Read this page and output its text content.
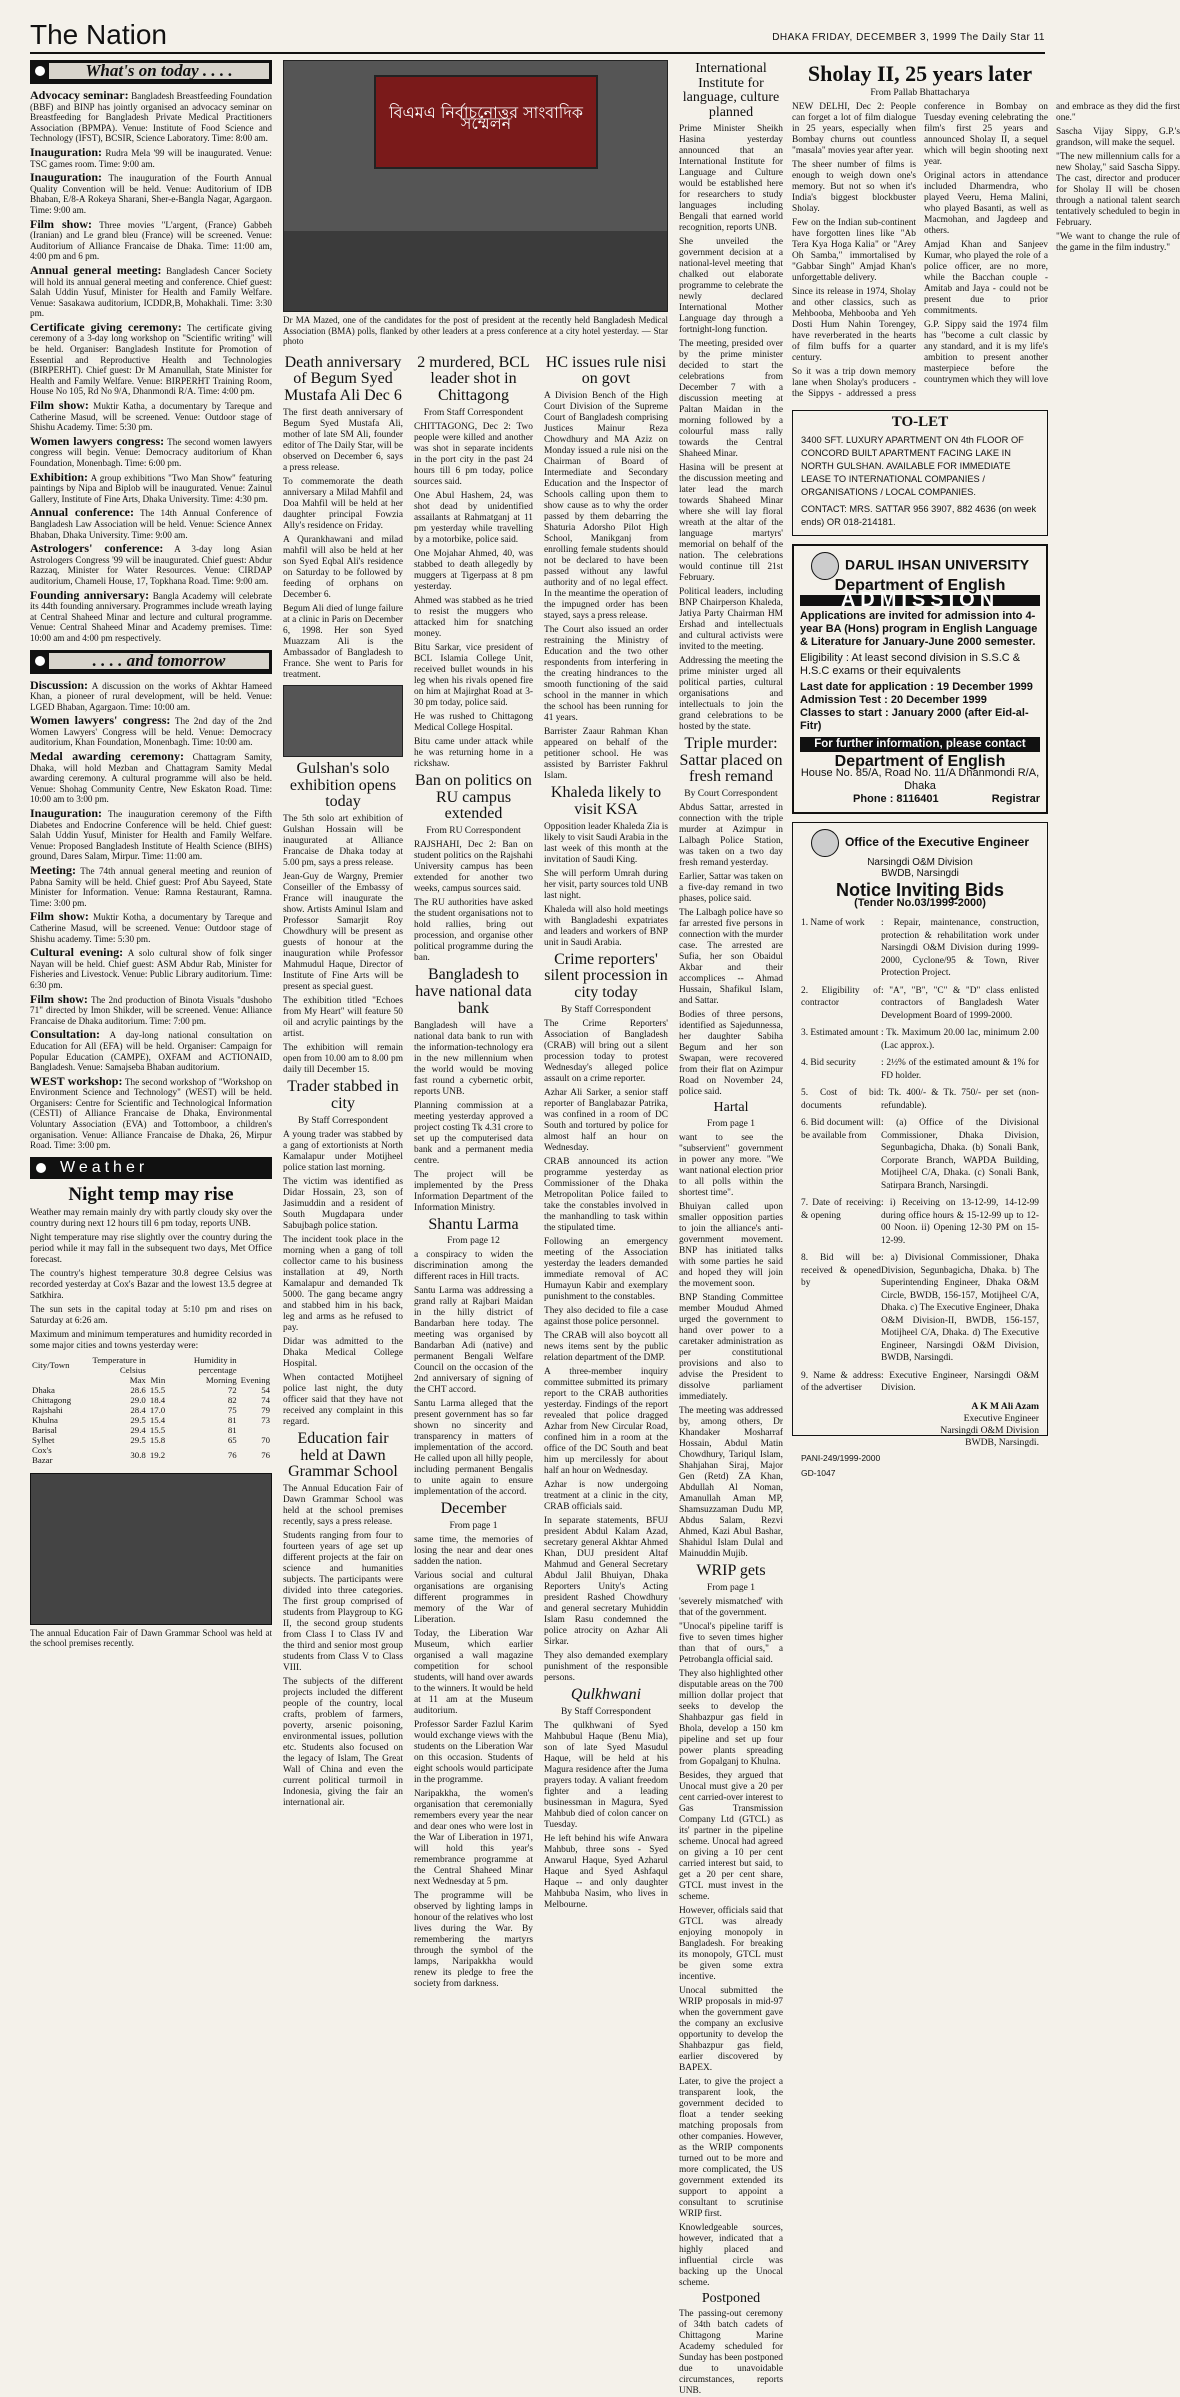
The Nation	DHAKA FRIDAY, DECEMBER 3, 1999 The Daily Star 11
What's on today . . . .

Advocacy seminar: Bangladesh Breastfeeding Foundation (BBF) and BINP has jointly organised an advocacy seminar on Breastfeeding for Bangladesh Private Medical Practitioners Association (BPMPA). Venue: Institute of Food Science and Technology (IFST), BCSIR, Science Laboratory. Time: 8:00 am.

Inauguration: Rudra Mela '99 will be inaugurated. Venue: TSC games room. Time: 9:00 am.

Inauguration: The inauguration of the Fourth Annual Quality Convention will be held. Venue: Auditorium of IDB Bhaban, E/8-A Rokeya Sharani, Sher-e-Bangla Nagar, Agargaon. Time: 9:00 am.

Film show: Three movies "L'argent, (France) Gabbeh (Iranian) and Le grand bleu (France) will be screened. Venue: Auditorium of Alliance Francaise de Dhaka. Time: 11:00 am, 4:00 pm and 6 pm.

Annual general meeting: Bangladesh Cancer Society will hold its annual general meeting and conference. Chief guest: Salah Uddin Yusuf, Minister for Health and Family Welfare. Venue: Sasakawa auditorium, ICDDR,B, Mohakhali. Time: 3:30 pm.

Certificate giving ceremony: The certificate giving ceremony of a 3-day long workshop on "Scientific writing" will be held. Organiser: Bangladesh Institute for Promotion of Essential and Reproductive Health and Technologies (BIRPERHT). Chief guest: Dr M Amanullah, State Minister for Health and Family Welfare. Venue: BIRPERHT Training Room, House No 105, Rd No 9/A, Dhanmondi R/A. Time: 4:00 pm.

Film show: Muktir Katha, a documentary by Tareque and Catherine Masud, will be screened. Venue: Outdoor stage of Shishu Academy. Time: 5:30 pm.

Women lawyers congress: The second women lawyers congress will begin. Venue: Democracy auditorium of Khan Foundation, Monenbagh. Time: 6:00 pm.

Exhibition: A group exhibitions "Two Man Show" featuring paintings by Nipa and Biplob will be inaugurated. Venue: Zainul Gallery, Institute of Fine Arts, Dhaka University. Time: 4:30 pm.

Annual conference: The 14th Annual Conference of Bangladesh Law Association will be held. Venue: Science Annex Bhaban, Dhaka University. Time: 9:00 am.

Astrologers' conference: A 3-day long Asian Astrologers Congress '99 will be inaugurated. Chief guest: Abdur Razzaq, Minister for Water Resources. Venue: CIRDAP auditorium, Chameli House, 17, Topkhana Road. Time: 9:00 am.

Founding anniversary: Bangla Academy will celebrate its 44th founding anniversary. Programmes include wreath laying at Central Shaheed Minar and lecture and cultural programme. Venue: Central Shaheed Minar and Academy premises. Time: 10:00 am and 4:00 pm respectively.

. . . . and tomorrow

Discussion: A discussion on the works of Akhtar Hameed Khan, a pioneer of rural development, will be held. Venue: LGED Bhaban, Agargaon. Time: 10:00 am.

Women lawyers' congress: The 2nd day of the 2nd Women Lawyers' Congress will be held. Venue: Democracy auditorium, Khan Foundation, Monenbagh. Time: 10:00 am.

Medal awarding ceremony: Chattagram Samity, Dhaka, will hold Mezban and Chattagram Samity Medal awarding ceremony. A cultural programme will also be held. Venue: Shohag Community Centre, New Eskaton Road. Time: 10:00 am to 3:00 pm.

Inauguration: The inauguration ceremony of the Fifth Diabetes and Endocrine Conference will be held. Chief guest: Salah Uddin Yusuf, Minister for Health and Family Welfare. Venue: Proposed Bangladesh Institute of Health Science (BIHS) ground, Dares Salam, Mirpur. Time: 11:00 am.

Meeting: The 74th annual general meeting and reunion of Pabna Samity will be held. Chief guest: Prof Abu Sayeed, State Minister for Information. Venue: Ramna Restaurant, Ramna. Time: 3:00 pm.

Film show: Muktir Kotha, a documentary by Tareque and Catherine Masud, will be screened. Venue: Outdoor stage of Shishu academy. Time: 5:30 pm.

Cultural evening: A solo cultural show of folk singer Nayan will be held. Chief guest: ASM Abdur Rab, Minister for Fisheries and Livestock. Venue: Public Library auditorium. Time: 6:30 pm.

Film show: The 2nd production of Binota Visuals "dushoho 71" directed by Imon Shikder, will be screened. Venue: Alliance Francaise de Dhaka auditorium. Time: 7:00 pm.

Consultation: A day-long national consultation on Education for All (EFA) will be held. Organiser: Campaign for Popular Education (CAMPE), OXFAM and ACTIONAID, Bangladesh. Venue: Samajseba Bhaban auditorium.

WEST workshop: The second workshop of "Workshop on Environment Science and Technology" (WEST) will be held. Organisers: Centre for Scientific and Technological Information (CESTI) of Alliance Francaise de Dhaka, Environmental Voluntary Association (EVA) and Tottomboor, a children's organisation. Venue: Alliance Francaise de Dhaka, 26, Mirpur Road. Time: 3:00 pm.

Weather
Night temp may rise

Weather may remain mainly dry with partly cloudy sky over the country during next 12 hours till 6 pm today, reports UNB.

Night temperature may rise slightly over the country during the period while it may fall in the subsequent two days, Met Office forecast.

The country's highest temperature 30.8 degree Celsius was recorded yesterday at Cox's Bazar and the lowest 13.5 degree at Satkhira.

The sun sets in the capital today at 5:10 pm and rises on Saturday at 6:26 am.

Maximum and minimum temperatures and humidity recorded in some major cities and towns yesterday were:

City/Town	Temperature in Celsius		Humidity in percentage	
	Max	Min	Morning	Evening
Dhaka	28.6	15.5	72	54
Chittagong	29.0	18.4	82	74
Rajshahi	28.4	17.0	75	79
Khulna	29.5	15.4	81	73
Barisal	29.4	15.5	81	
Sylhet	29.5	15.8	65	70
Cox's Bazar	30.8	19.2	76	76
The annual Education Fair of Dawn Grammar School was held at the school premises recently.
বিএমএ নির্বাচনোত্তর সাংবাদিক সম্মেলন
Dr MA Mazed, one of the candidates for the post of president at the recently held Bangladesh Medical Association (BMA) polls, flanked by other leaders at a press conference at a city hotel yesterday. — Star photo
Death anniversary of Begum Syed Mustafa Ali Dec 6

The first death anniversary of Begum Syed Mustafa Ali, mother of late SM Ali, founder editor of The Daily Star, will be observed on December 6, says a press release.

To commemorate the death anniversary a Milad Mahfil and Doa Mahfil will be held at her daughter principal Fowzia Ally's residence on Friday.

A Qurankhawani and milad mahfil will also be held at her son Syed Eqbal Ali's residence on Saturday to be followed by feeding of orphans on December 6.

Begum Ali died of lunge failure at a clinic in Paris on December 6, 1998. Her son Syed Muazzam Ali is the Ambassador of Bangladesh to France. She went to Paris for treatment.

Gulshan's solo exhibition opens today

The 5th solo art exhibition of Gulshan Hossain will be inaugurated at Alliance Francaise de Dhaka today at 5.00 pm, says a press release.

Jean-Guy de Wargny, Premier Conseiller of the Embassy of France will inaugurate the show. Artists Aminul Islam and Professor Samarjit Roy Chowdhury will be present as guests of honour at the inauguration while Professor Mahmudul Haque, Director of Institute of Fine Arts will be present as special guest.

The exhibition titled "Echoes from My Heart" will feature 50 oil and acrylic paintings by the artist.

The exhibition will remain open from 10.00 am to 8.00 pm daily till December 15.

Trader stabbed in city
By Staff Correspondent

A young trader was stabbed by a gang of extortionists at North Kamalapur under Motijheel police station last morning.

The victim was identified as Didar Hossain, 23, son of Jasimuddin and a resident of South Mugdapara under Sabujbagh police station.

The incident took place in the morning when a gang of toll collector came to his business installation at 49, North Kamalapur and demanded Tk 5000. The gang became angry and stabbed him in his back, leg and arms as he refused to pay.

Didar was admitted to the Dhaka Medical College Hospital.

When contacted Motijheel police last night, the duty officer said that they have not received any complaint in this regard.

Education fair held at Dawn Grammar School

The Annual Education Fair of Dawn Grammar School was held at the school premises recently, says a press release.

Students ranging from four to fourteen years of age set up different projects at the fair on science and humanities subjects. The participants were divided into three categories. The first group comprised of students from Playgroup to KG II, the second group students from Class I to Class IV and the third and senior most group students from Class V to Class VIII.

The subjects of the different projects included the different people of the country, local crafts, problem of farmers, poverty, arsenic poisoning, environmental issues, pollution etc. Students also focused on the legacy of Islam, The Great Wall of China and even the current political turmoil in Indonesia, giving the fair an international air.

2 murdered, BCL leader shot in Chittagong
From Staff Correspondent

CHITTAGONG, Dec 2: Two people were killed and another was shot in separate incidents in the port city in the past 24 hours till 6 pm today, police sources said.

One Abul Hashem, 24, was shot dead by unidentified assailants at Rahmatganj at 11 pm yesterday while travelling by a motorbike, police said.

One Mojahar Ahmed, 40, was stabbed to death allegedly by muggers at Tigerpass at 8 pm yesterday.

Ahmed was stabbed as he tried to resist the muggers who attacked him for snatching money.

Bitu Sarkar, vice president of BCL Islamia College Unit, received bullet wounds in his leg when his rivals opened fire on him at Majirghat Road at 3-30 pm today, police said.

He was rushed to Chittagong Medical College Hospital.

Bitu came under attack while he was returning home in a rickshaw.

Ban on politics on RU campus extended
From RU Correspondent

RAJSHAHI, Dec 2: Ban on student politics on the Rajshahi University campus has been extended for another two weeks, campus sources said.

The RU authorities have asked the student organisations not to hold rallies, bring out procession, and organise other political programme during the ban.

Bangladesh to have national data bank

Bangladesh will have a national data bank to run with the information-technology era in the new millennium when the world would be moving fast round a cybernetic orbit, reports UNB.

Planning commission at a meeting yesterday approved a project costing Tk 4.31 crore to set up the computerised data bank and a permanent media centre.

The project will be implemented by the Press Information Department of the Information Ministry.

Shantu Larma
From page 12

a conspiracy to widen the discrimination among the different races in Hill tracts.

Santu Larma was addressing a grand rally at Rajbari Maidan in the hilly district of Bandarban here today. The meeting was organised by Bandarban Adi (native) and permanent Bengali Welfare Council on the occasion of the 2nd anniversary of signing of the CHT accord.

Santu Larma alleged that the present government has so far shown no sincerity and transparency in matters of implementation of the accord. He called upon all hilly people, including permanent Bengalis to unite again to ensure implementation of the accord.

December
From page 1

same time, the memories of losing the near and dear ones sadden the nation.

Various social and cultural organisations are organising different programmes in memory of the War of Liberation.

Today, the Liberation War Museum, which earlier organised a wall magazine competition for school students, will hand over awards to the winners. It would be held at 11 am at the Museum auditorium.

Professor Sarder Fazlul Karim would exchange views with the students on the Liberation War on this occasion. Students of eight schools would participate in the programme.

Naripakkha, the women's organisation that ceremonially remembers every year the near and dear ones who were lost in the War of Liberation in 1971, will hold this year's remembrance programme at the Central Shaheed Minar next Wednesday at 5 pm.

The programme will be observed by lighting lamps in honour of the relatives who lost lives during the War. By remembering the martyrs through the symbol of the lamps, Naripakkha would renew its pledge to free the society from darkness.

HC issues rule nisi on govt

A Division Bench of the High Court Division of the Supreme Court of Bangladesh comprising Justices Mainur Reza Chowdhury and MA Aziz on Monday issued a rule nisi on the Chairman of Board of Intermediate and Secondary Education and the Inspector of Schools calling upon them to show cause as to why the order passed by them debarring the Shaturia Adorsho Pilot High School, Manikganj from enrolling female students should not be declared to have been passed without any lawful authority and of no legal effect. In the meantime the operation of the impugned order has been stayed, says a press release.

The Court also issued an order restraining the Ministry of Education and the two other respondents from interfering in the creating hindrances to the smooth functioning of the said school in the manner in which the school has been running for 41 years.

Barrister Zaaur Rahman Khan appeared on behalf of the petitioner school. He was assisted by Barrister Fakhrul Islam.

Khaleda likely to visit KSA

Opposition leader Khaleda Zia is likely to visit Saudi Arabia in the last week of this month at the invitation of Saudi King.

She will perform Umrah during her visit, party sources told UNB last night.

Khaleda will also hold meetings with Bangladeshi expatriates and leaders and workers of BNP unit in Saudi Arabia.

Crime reporters' silent procession in city today
By Staff Correspondent

The Crime Reporters' Association of Bangladesh (CRAB) will bring out a silent procession today to protest Wednesday's alleged police assault on a crime reporter.

Azhar Ali Sarker, a senior staff reporter of Banglabazar Patrika, was confined in a room of DC South and tortured by police for almost half an hour on Wednesday.

CRAB announced its action programme yesterday as Commissioner of the Dhaka Metropolitan Police failed to take the constables involved in the manhandling to task within the stipulated time.

Following an emergency meeting of the Association yesterday the leaders demanded immediate removal of AC Humayun Kabir and exemplary punishment to the constables.

They also decided to file a case against those police personnel.

The CRAB will also boycott all news items sent by the public relation department of the DMP.

A three-member inquiry committee submitted its primary report to the CRAB authorities yesterday. Findings of the report revealed that police dragged Azhar from New Circular Road, confined him in a room at the office of the DC South and beat him up mercilessly for about half an hour on Wednesday.

Azhar is now undergoing treatment at a clinic in the city, CRAB officials said.

In separate statements, BFUJ president Abdul Kalam Azad, secretary general Akhtar Ahmed Khan, DUJ president Altaf Mahmud and General Secretary Abdul Jalil Bhuiyan, Dhaka Reporters Unity's Acting president Rashed Chowdhury and general secretary Muhiddin Islam Rasu condemned the police atrocity on Azhar Ali Sirkar.

They also demanded exemplary punishment of the responsible persons.

Qulkhwani
By Staff Correspondent

The qulkhwani of Syed Mahbubul Haque (Benu Mia), son of late Syed Masudul Haque, will be held at his Magura residence after the Juma prayers today. A valiant freedom fighter and a leading businessman in Magura, Syed Mahbub died of colon cancer on Tuesday.

He left behind his wife Anwara Mahbub, three sons - Syed Anwarul Haque, Syed Azharul Haque and Syed Ashfaqul Haque -- and only daughter Mahbuba Nasim, who lives in Melbourne.

International Institute for language, culture planned

Prime Minister Sheikh Hasina yesterday announced that an International Institute for Language and Culture would be established here for researchers to study languages including Bengali that earned world recognition, reports UNB.

She unveiled the government decision at a national-level meeting that chalked out elaborate programme to celebrate the newly declared International Mother Language day through a fortnight-long function.

The meeting, presided over by the prime minister decided to start the celebrations from December 7 with a discussion meeting at Paltan Maidan in the morning followed by a colourful mass rally towards the Central Shaheed Minar.

Hasina will be present at the discussion meeting and later lead the march towards Shaheed Minar where she will lay floral wreath at the altar of the language martyrs' memorial on behalf of the nation. The celebrations would continue till 21st February.

Political leaders, including BNP Chairperson Khaleda, Jatiya Party Chairman HM Ershad and intellectuals and cultural activists were invited to the meeting.

Addressing the meeting the prime minister urged all political parties, cultural organisations and intellectuals to join the grand celebrations to be hosted by the state.

Triple murder: Sattar placed on fresh remand
By Court Correspondent

Abdus Sattar, arrested in connection with the triple murder at Azimpur in Lalbagh Police Station, was taken on a two day fresh remand yesterday.

Earlier, Sattar was taken on a five-day remand in two phases, police said.

The Lalbagh police have so far arrested five persons in connection with the murder case. The arrested are Sufia, her son Obaidul Akbar and their accomplices -- Ahmad Hussain, Shafikul Islam, and Sattar.

Bodies of three persons, identified as Sajedunnessa, her daughter Sabiha Begum and her son Swapan, were recovered from their flat on Azimpur Road on November 24, police said.

Hartal
From page 1

want to see the "subservient" government in power any more. "We want national election prior to all polls within the shortest time".

Bhuiyan called upon smaller opposition parties to join the alliance's anti-government movement. BNP has initiated talks with some parties he said and hoped they will join the movement soon.

BNP Standing Committee member Moudud Ahmed urged the government to hand over power to a caretaker administration as per constitutional provisions and also to advise the President to dissolve parliament immediately.

The meeting was addressed by, among others, Dr Khandaker Mosharraf Hossain, Abdul Matin Chowdhury, Tariqul Islam, Shahjahan Siraj, Major Gen (Retd) ZA Khan, Abdullah Al Noman, Amanullah Aman MP, Shamsuzzaman Dudu MP, Abdus Salam, Rezvi Ahmed, Kazi Abul Bashar, Shahidul Islam Dulal and Mainuddin Mujib.

WRIP gets
From page 1

'severely mismatched' with that of the government.

"Unocal's pipeline tariff is five to seven times higher than that of ours," a Petrobangla official said.

They also highlighted other disputable areas on the 700 million dollar project that seeks to develop the Shahbazpur gas field in Bhola, develop a 150 km pipeline and set up four power plants spreading from Gopalganj to Khulna.

Besides, they argued that Unocal must give a 20 per cent carried-over interest to Gas Transmission Company Ltd (GTCL) as its' partner in the pipeline scheme. Unocal had agreed on giving a 10 per cent carried interest but said, to get a 20 per cent share, GTCL must invest in the scheme.

However, officials said that GTCL was already enjoying monopoly in Bangladesh. For breaking its monopoly, GTCL must be given some extra incentive.

Unocal submitted the WRIP proposals in mid-97 when the government gave the company an exclusive opportunity to develop the Shahbazpur gas field, earlier discovered by BAPEX.

Later, to give the project a transparent look, the government decided to float a tender seeking matching proposals from other companies. However, as the WRIP components turned out to be more and more complicated, the US government extended its support to appoint a consultant to scrutinise WRIP first.

Knowledgeable sources, however, indicated that a highly placed and influential circle was backing up the Unocal scheme.

Postponed

The passing-out ceremony of 34th batch cadets of Chittagong Marine Academy scheduled for Sunday has been postponed due to unavoidable circumstances, reports UNB.

Sholay II, 25 years later
From Pallab Bhattacharya

NEW DELHI, Dec 2: People can forget a lot of film dialogue in 25 years, especially when Bombay churns out countless "masala" movies year after year.

The sheer number of films is enough to weigh down one's memory. But not so when it's India's biggest blockbuster Sholay.

Few on the Indian sub-continent have forgotten lines like "Ab Tera Kya Hoga Kalia" or "Arey Oh Samba," immortalised by "Gabbar Singh" Amjad Khan's unforgettable delivery.

Since its release in 1974, Sholay and other classics, such as Mehbooba, Mehbooba and Yeh Dosti Hum Nahin Torengey, have reverberated in the hearts of film buffs for a quarter century.

So it was a trip down memory lane when Sholay's producers - the Sippys - addressed a press conference in Bombay on Tuesday evening celebrating the film's first 25 years and announced Sholay II, a sequel which will begin shooting next year.

Original actors in attendance included Dharmendra, who played Veeru, Hema Malini, who played Basanti, as well as Macmohan, and Jagdeep and others.

Amjad Khan and Sanjeev Kumar, who played the role of a police officer, are no more, while the Bacchan couple - Amitab and Jaya - could not be present due to prior commitments.

G.P. Sippy said the 1974 film has "become a cult classic by any standard, and it is my life's ambition to present another masterpiece before the countrymen which they will love and embrace as they did the first one."

Sascha Vijay Sippy, G.P.'s grandson, will make the sequel.

"The new millennium calls for a new Sholay," said Sascha Sippy. The cast, director and producer for Sholay II will be chosen through a national talent search tentatively scheduled to begin in February.

"We want to change the rule of the game in the film industry."

TO-LET
3400 SFT. LUXURY APARTMENT ON 4th FLOOR OF CONCORD BUILT APARTMENT FACING LAKE IN NORTH GULSHAN. AVAILABLE FOR IMMEDIATE LEASE TO INTERNATIONAL COMPANIES / ORGANISATIONS / LOCAL COMPANIES.
CONTACT: MRS. SATTAR 956 3907, 882 4636 (on week ends) OR 018-214181.
DARUL IHSAN UNIVERSITY
Department of English
ADMISSION
Applications are invited for admission into 4-year BA (Hons) program in English Language & Literature for January-June 2000 semester.
Eligibility : At least second division in S.S.C & H.S.C exams or their equivalents
Last date for application : 19 December 1999
Admission Test : 20 December 1999
Classes to start : January 2000 (after Eid-al-Fitr)
For further information, please contact
Department of English
House No. 85/A, Road No. 11/A Dhanmondi R/A, Dhaka
Phone : 8116401	Registrar
Office of the Executive Engineer
Narsingdi O&M Division
BWDB, Narsingdi
Notice Inviting Bids
(Tender No.03/1999-2000)
1. Name of work	: Repair, maintenance, construction, protection & rehabilitation work under Narsingdi O&M Division during 1999-2000, Cyclone/95 & Town, River Protection Project.
2. Eligibility of contractor
: "A", "B", "C" & "D" class enlisted contractors of Bangladesh Water Development Board of 1999-2000.
3. Estimated amount : Tk. Maximum 20.00 lac, minimum 2.00 (Lac approx.).
4. Bid security	: 2½% of the estimated amount & 1% for FD holder.
5. Cost of bid documents
: Tk. 400/- & Tk. 750/- per set (non-refundable).
6. Bid document will be available from
: (a) Office of the Divisional Commissioner, Dhaka Division, Segunbagicha, Dhaka. (b) Sonali Bank, Corporate Branch, WAPDA Building, Motijheel C/A, Dhaka. (c) Sonali Bank, Satirpara Branch, Narsingdi.
7. Date of receiving & opening
: i) Receiving on 13-12-99, 14-12-99 during office hours & 15-12-99 up to 12-00 Noon. ii) Opening 12-30 PM on 15-12-99.
8. Bid will be received & opened by
: a) Divisional Commissioner, Dhaka Division, Segunbagicha, Dhaka. b) The Superintending Engineer, Dhaka O&M Circle, BWDB, 156-157, Motijheel C/A, Dhaka. c) The Executive Engineer, Dhaka O&M Division-II, BWDB, 156-157, Motijheel C/A, Dhaka. d) The Executive Engineer, Narsingdi O&M Division, BWDB, Narsingdi.
9. Name & address of the advertiser
: Executive Engineer, Narsingdi O&M Division.
A K M Ali Azam
Executive Engineer
Narsingdi O&M Division
BWDB, Narsingdi.
PANI-249/1999-2000
GD-1047
